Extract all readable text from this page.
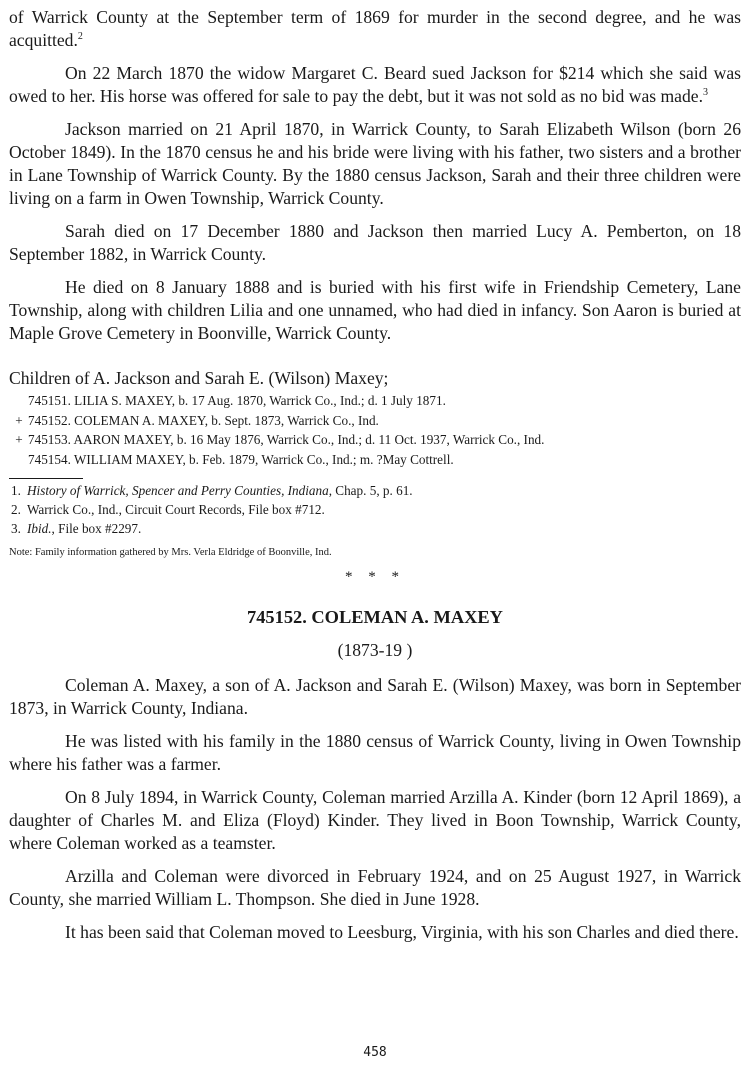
of Warrick County at the September term of 1869 for murder in the second degree, and he was acquitted.$^2$

On 22 March 1870 the widow Margaret C. Beard sued Jackson for $214 which she said was owed to her. His horse was offered for sale to pay the debt, but it was not sold as no bid was made.$^3$

Jackson married on 21 April 1870, in Warrick County, to Sarah Elizabeth Wilson (born 26 October 1849). In the 1870 census he and his bride were living with his father, two sisters and a brother in Lane Township of Warrick County. By the 1880 census Jackson, Sarah and their three children were living on a farm in Owen Township, Warrick County.

Sarah died on 17 December 1880 and Jackson then married Lucy A. Pemberton, on 18 September 1882, in Warrick County.

He died on 8 January 1888 and is buried with his first wife in Friendship Cemetery, Lane Township, along with children Lilia and one unnamed, who had died in infancy. Son Aaron is buried at Maple Grove Cemetery in Boonville, Warrick County.

Children of A. Jackson and Sarah E. (Wilson) Maxey;
745151. LILIA S. MAXEY, b. 17 Aug. 1870, Warrick Co., Ind.; d. 1 July 1871.
+ 745152. COLEMAN A. MAXEY, b. Sept. 1873, Warrick Co., Ind.
+ 745153. AARON MAXEY, b. 16 May 1876, Warrick Co., Ind.; d. 11 Oct. 1937, Warrick Co., Ind.
745154. WILLIAM MAXEY, b. Feb. 1879, Warrick Co., Ind.; m. ?May Cottrell.
1. History of Warrick, Spencer and Perry Counties, Indiana, Chap. 5, p. 61.
2. Warrick Co., Ind., Circuit Court Records, File box #712.
3. Ibid., File box #2297.
Note: Family information gathered by Mrs. Verla Eldridge of Boonville, Ind.
* * *
745152. COLEMAN A. MAXEY
(1873-19 )

Coleman A. Maxey, a son of A. Jackson and Sarah E. (Wilson) Maxey, was born in September 1873, in Warrick County, Indiana.

He was listed with his family in the 1880 census of Warrick County, living in Owen Township where his father was a farmer.

On 8 July 1894, in Warrick County, Coleman married Arzilla A. Kinder (born 12 April 1869), a daughter of Charles M. and Eliza (Floyd) Kinder. They lived in Boon Township, Warrick County, where Coleman worked as a teamster.

Arzilla and Coleman were divorced in February 1924, and on 25 August 1927, in Warrick County, she married William L. Thompson. She died in June 1928.

It has been said that Coleman moved to Leesburg, Virginia, with his son Charles and died there.

458
